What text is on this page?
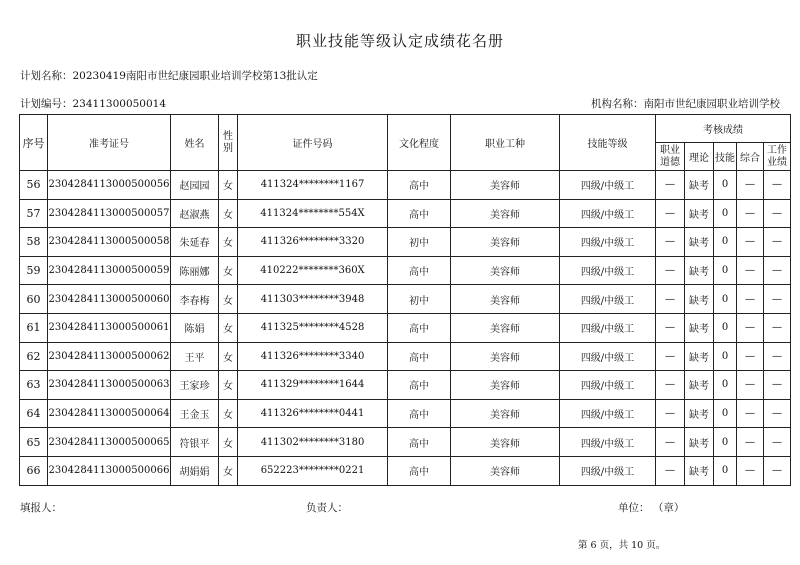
职业技能等级认定成绩花名册
计划名称：20230419南阳市世纪康园职业培训学校第13批认定
计划编号：23411300050014	机构名称：南阳市世纪康园职业培训学校
序号	准考证号	姓名	性别	证件号码	文化程度	职业工种	技能等级	考核成绩				
								职业道德	理论	技能	综合	工作业绩
56	2304284113000500056	赵园园	女	411324********1167	高中	美容师	四级/中级工	—	缺考	0	—	—
57	2304284113000500057	赵淑燕	女	411324********554X	高中	美容师	四级/中级工	—	缺考	0	—	—
58	2304284113000500058	朱延春	女	411326********3320	初中	美容师	四级/中级工	—	缺考	0	—	—
59	2304284113000500059	陈丽娜	女	410222********360X	高中	美容师	四级/中级工	—	缺考	0	—	—
60	2304284113000500060	李春梅	女	411303********3948	初中	美容师	四级/中级工	—	缺考	0	—	—
61	2304284113000500061	陈娟	女	411325********4528	高中	美容师	四级/中级工	—	缺考	0	—	—
62	2304284113000500062	王平	女	411326********3340	高中	美容师	四级/中级工	—	缺考	0	—	—
63	2304284113000500063	王家珍	女	411329********1644	高中	美容师	四级/中级工	—	缺考	0	—	—
64	2304284113000500064	王金玉	女	411326********0441	高中	美容师	四级/中级工	—	缺考	0	—	—
65	2304284113000500065	符银平	女	411302********3180	高中	美容师	四级/中级工	—	缺考	0	—	—
66	2304284113000500066	胡娟娟	女	652223********0221	高中	美容师	四级/中级工	—	缺考	0	—	—
填报人：	负责人：	单位： （章）
第 6 页，共 10 页。
